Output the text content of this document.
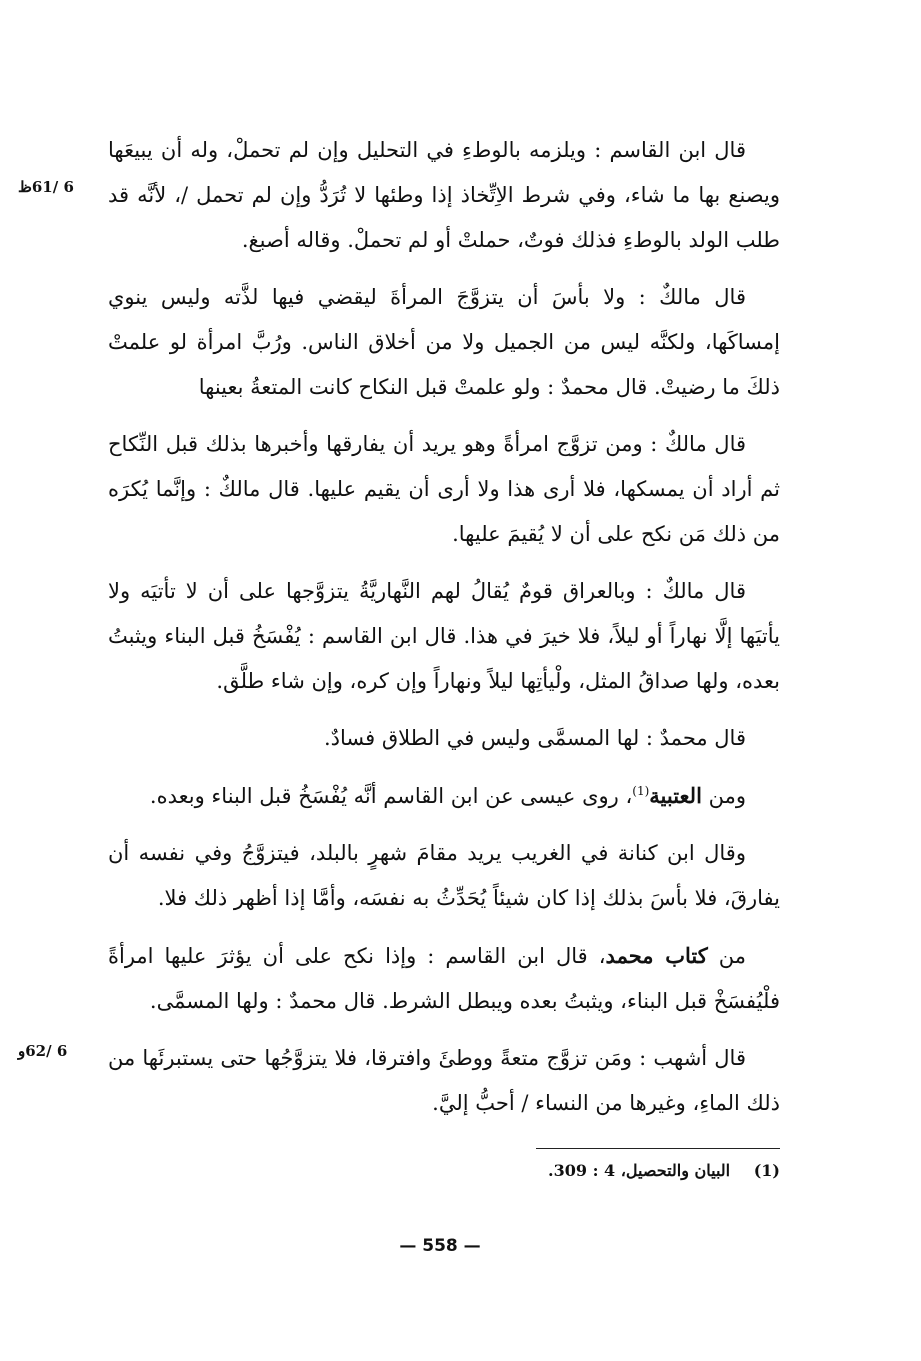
قال ابن القاسم : ويلزمه بالوطءِ في التحليل وإن لم تحملْ، وله أن يبيعَها ويصنع بها ما شاء، وفي شرط الاِتِّخاذ إذا وطئها لا تُرَدُّ وإن لم تحمل /، لأنَّه قد طلب الولد بالوطءِ فذلك فوتٌ، حملتْ أو لم تحملْ. وقاله أصبغ.

قال مالكٌ : ولا بأسَ أن يتزوَّجَ المرأةَ ليقضي فيها لذَّته وليس ينوي إمساكَها، ولكنَّه ليس من الجميل ولا من أخلاق الناس. ورُبَّ امرأة لو علمتْ ذلكَ ما رضيتْ. قال محمدٌ : ولو علمتْ قبل النكاح كانت المتعةُ بعينها

قال مالكٌ : ومن تزوَّج امرأةً وهو يريد أن يفارقها وأخبرها بذلك قبل النِّكاح ثم أراد أن يمسكها، فلا أرى هذا ولا أرى أن يقيم عليها. قال مالكٌ : وإنَّما يُكرَه من ذلك مَن نكح على أن لا يُقيمَ عليها.

قال مالكٌ : وبالعراق قومٌ يُقالُ لهم النَّهاريَّةُ يتزوَّجها على أن لا تأتيَه ولا يأتيَها إلَّا نهاراً أو ليلاً، فلا خيرَ في هذا. قال ابن القاسم : يُفْسَخُ قبل البناء ويثبتُ بعده، ولها صداقُ المثل، ولْيأتِها ليلاً ونهاراً وإن كره، وإن شاء طلَّق.

قال محمدٌ : لها المسمَّى وليس في الطلاق فسادٌ.

ومن العتبية$^{(1)}$، روى عيسى عن ابن القاسم أنَّه يُفْسَخُ قبل البناء وبعده.

وقال ابن كنانة في الغريب يريد مقامَ شهرٍ بالبلد، فيتزوَّجُ وفي نفسه أن يفارقَ، فلا بأسَ بذلك إذا كان شيئاً يُحَدِّثُ به نفسَه، وأمَّا إذا أظهر ذلك فلا.

من كتاب محمد، قال ابن القاسم : وإذا نكح على أن يؤثرَ عليها امرأةً فلْيُفسَخْ قبل البناء، ويثبتُ بعده ويبطل الشرط. قال محمدٌ : ولها المسمَّى.

قال أشهب : ومَن تزوَّج متعةً ووطئَ وافترقا، فلا يتزوَّجُها حتى يستبرئَها من ذلك الماءِ، وغيرها من النساء / أحبُّ إليَّ.

6 /61ظ
6 /62و
(1) البيان والتحصيل، 4 : 309.
— 558 —
